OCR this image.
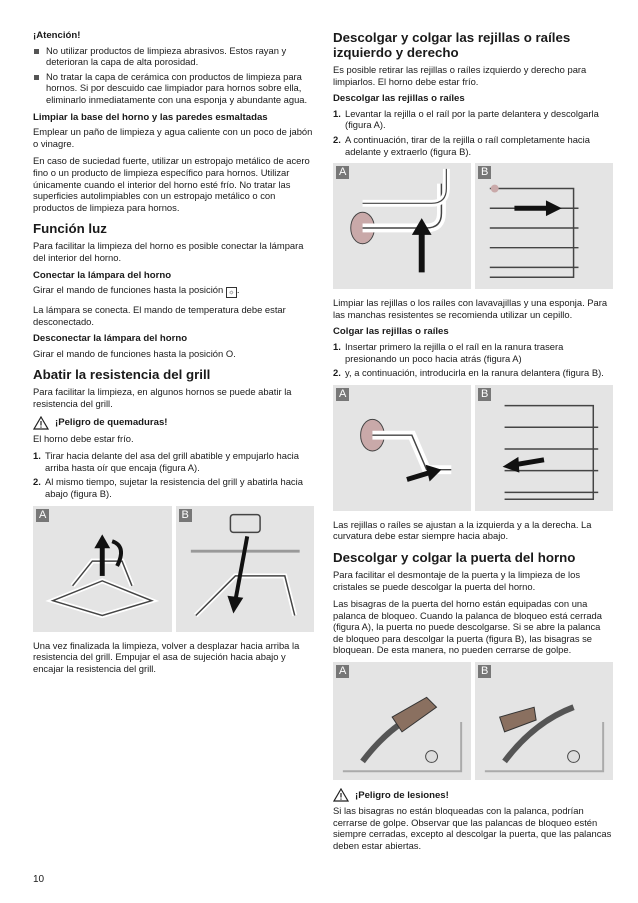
¡Atención!
No utilizar productos de limpieza abrasivos. Estos rayan y deterioran la capa de alta porosidad.
No tratar la capa de cerámica con productos de limpieza para hornos. Si por descuido cae limpiador para hornos sobre ella, eliminarlo inmediatamente con una esponja y abundante agua.
Limpiar la base del horno y las paredes esmaltadas

Emplear un paño de limpieza y agua caliente con un poco de jabón o vinagre.

En caso de suciedad fuerte, utilizar un estropajo metálico de acero fino o un producto de limpieza específico para hornos. Utilizar únicamente cuando el interior del horno esté frío. No tratar las superficies autolimpiables con un estropajo metálico o con productos de limpieza para hornos.

Función luz

Para facilitar la limpieza del horno es posible conectar la lámpara del interior del horno.

Conectar la lámpara del horno

Girar el mando de funciones hasta la posición ☼ .

La lámpara se conecta. El mando de temperatura debe estar desconectado.

Desconectar la lámpara del horno

Girar el mando de funciones hasta la posición O.

Abatir la resistencia del grill

Para facilitar la limpieza, en algunos hornos se puede abatir la resistencia del grill.

¡Peligro de quemaduras!

El horno debe estar frío.

1. Tirar hacia delante del asa del grill abatible y empujarlo hacia arriba hasta oír que encaja (figura A).
2. Al mismo tiempo, sujetar la resistencia del grill y abatirla hacia abajo (figura B).
A	B

Una vez finalizada la limpieza, volver a desplazar hacia arriba la resistencia del grill. Empujar el asa de sujeción hacia abajo y encajar la resistencia del grill.

Descolgar y colgar las rejillas o raíles izquierdo y derecho

Es posible retirar las rejillas o raíles izquierdo y derecho para limpiarlos. El horno debe estar frío.

Descolgar las rejillas o raíles
1. Levantar la rejilla o el raíl por la parte delantera y descolgarla (figura A).
2. A continuación, tirar de la rejilla o raíl completamente hacia adelante y extraerlo (figura B).
A	B

Limpiar las rejillas o los raíles con lavavajillas y una esponja. Para las manchas resistentes se recomienda utilizar un cepillo.

Colgar las rejillas o raíles
1. Insertar primero la rejilla o el raíl en la ranura trasera presionando un poco hacia atrás (figura A)
2. y, a continuación, introducirla en la ranura delantera (figura B).
A	B

Las rejillas o raíles se ajustan a la izquierda y a la derecha. La curvatura debe estar siempre hacia abajo.

Descolgar y colgar la puerta del horno

Para facilitar el desmontaje de la puerta y la limpieza de los cristales se puede descolgar la puerta del horno.

Las bisagras de la puerta del horno están equipadas con una palanca de bloqueo. Cuando la palanca de bloqueo está cerrada (figura A), la puerta no puede descolgarse. Si se abre la palanca de bloqueo para descolgar la puerta (figura B), las bisagras se bloquean. De esta manera, no pueden cerrarse de golpe.

A	B
¡Peligro de lesiones!

Si las bisagras no están bloqueadas con la palanca, podrían cerrarse de golpe. Observar que las palancas de bloqueo estén siempre cerradas, excepto al descolgar la puerta, que las palancas deben estar abiertas.

10
